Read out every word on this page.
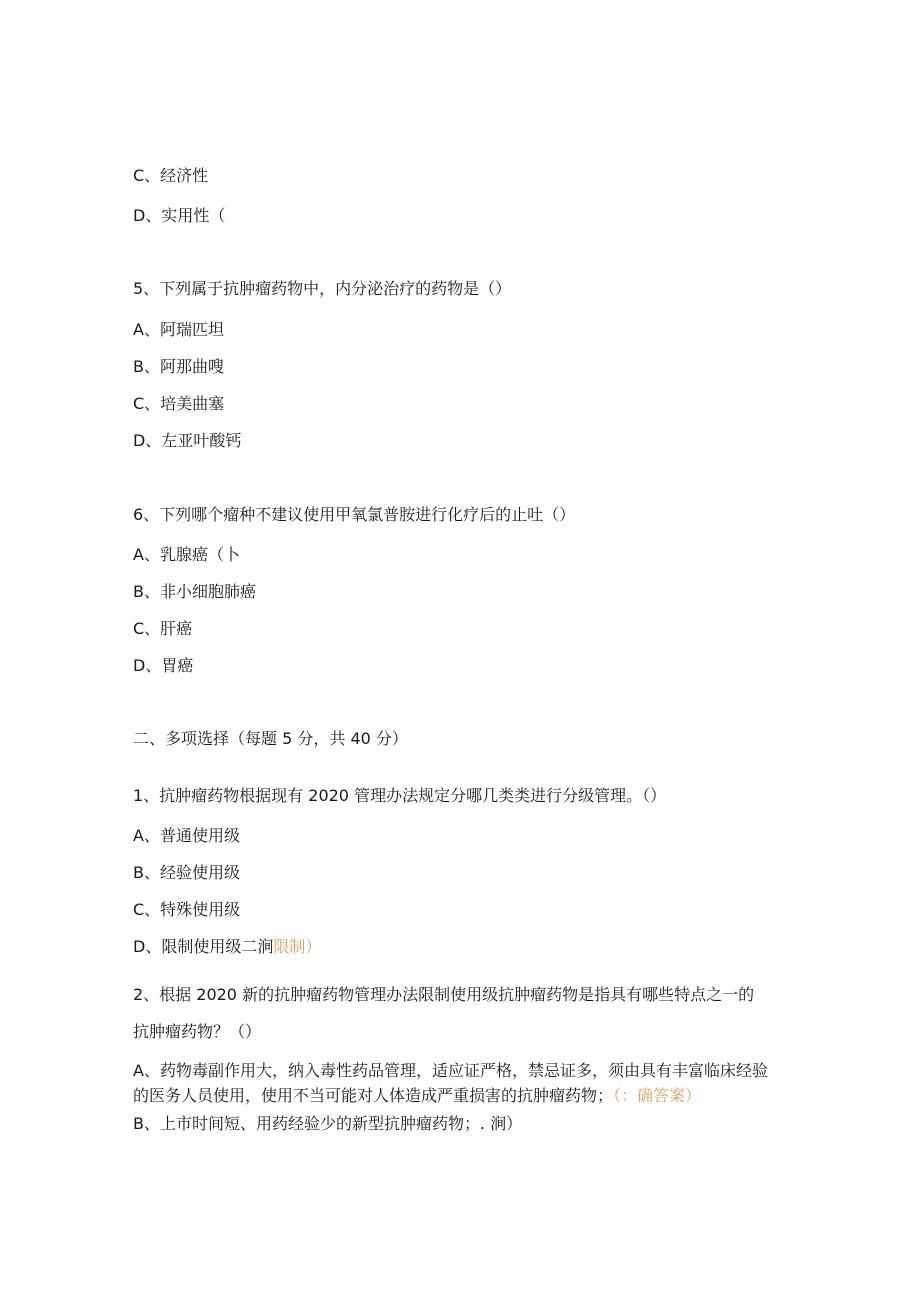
C、经济性
D、实用性（
5、下列属于抗肿瘤药物中，内分泌治疗的药物是（）
A、阿瑞匹坦
B、阿那曲嗖
C、培美曲塞
D、左亚叶酸钙
6、下列哪个瘤种不建议使用甲氧氯普胺进行化疗后的止吐（）
A、乳腺癌（卜
B、非小细胞肺癌
C、肝癌
D、胃癌
二、多项选择（每题 5 分，共 40 分）
1、抗肿瘤药物根据现有 2020 管理办法规定分哪几类类进行分级管理。（）
A、普通使用级
B、经验使用级
C、特殊使用级
D、限制使用级二涧限制）
2、根据 2020 新的抗肿瘤药物管理办法限制使用级抗肿瘤药物是指具有哪些特点之一的
抗肿瘤药物？（）
A、药物毒副作用大，纳入毒性药品管理，适应证严格，禁忌证多，须由具有丰富临床经验的医务人员使用，使用不当可能对人体造成严重损害的抗肿瘤药物；（：确答案）
B、上市时间短、用药经验少的新型抗肿瘤药物；. 涧）
